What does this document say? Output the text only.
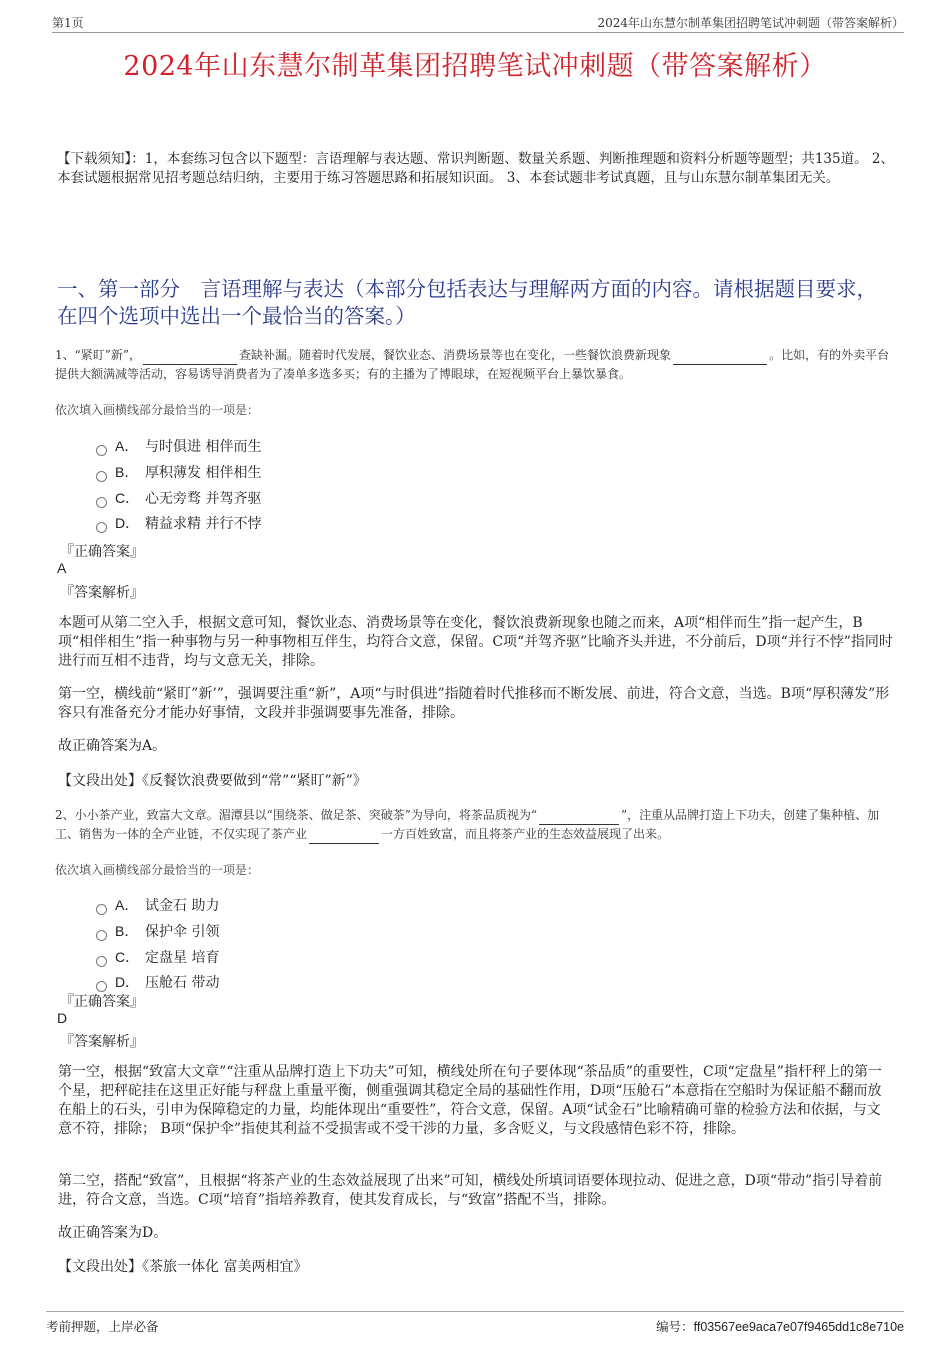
第1页	2024年山东慧尔制革集团招聘笔试冲刺题（带答案解析）
2024年山东慧尔制革集团招聘笔试冲刺题（带答案解析）
【下载须知】：1，本套练习包含以下题型：言语理解与表达题、常识判断题、数量关系题、判断推理题和资料分析题等题型；共135道。 2、本套试题根据常见招考题总结归纳，主要用于练习答题思路和拓展知识面。 3、本套试题非考试真题，且与山东慧尔制革集团无关。
一、第一部分　言语理解与表达（本部分包括表达与理解两方面的内容。请根据题目要求，在四个选项中选出一个最恰当的答案。）
1、“紧盯”新”，	查缺补漏。随着时代发展，餐饮业态、消费场景等也在变化，一些餐饮浪费新现象	。比如，有的外卖平台提供大额满减等活动，容易诱导消费者为了凑单多选多买；有的主播为了博眼球，在短视频平台上暴饮暴食。
依次填入画横线部分最恰当的一项是：
A． 与时俱进 相伴而生
B． 厚积薄发 相伴相生
C． 心无旁骛 并驾齐驱
D． 精益求精 并行不悖
『正确答案』
A
『答案解析』
本题可从第二空入手，根据文意可知，餐饮业态、消费场景等在变化，餐饮浪费新现象也随之而来，A项“相伴而生”指一起产生，B项“相伴相生”指一种事物与另一种事物相互伴生，均符合文意，保留。C项“并驾齐驱”比喻齐头并进，不分前后，D项“并行不悖”指同时进行而互相不违背，均与文意无关，排除。
第一空，横线前“紧盯”新’”，强调要注重“新”，A项“与时俱进”指随着时代推移而不断发展、前进，符合文意，当选。B项“厚积薄发”形容只有准备充分才能办好事情，文段并非强调要事先准备，排除。
故正确答案为A。
【文段出处】《反餐饮浪费要做到“常”“紧盯”新”》
2、小小茶产业，致富大文章。湄潭县以“围绕茶、做足茶、突破茶”为导向，将茶品质视为“	”，注重从品牌打造上下功夫，创建了集种植、加工、销售为一体的全产业链，不仅实现了茶产业	一方百姓致富，而且将茶产业的生态效益展现了出来。
依次填入画横线部分最恰当的一项是：
A． 试金石 助力
B． 保护伞 引领
C． 定盘星 培育
D． 压舱石 带动
『正确答案』
D
『答案解析』
第一空，根据“致富大文章”“注重从品牌打造上下功夫”可知，横线处所在句子要体现“茶品质”的重要性，C项“定盘星”指杆秤上的第一个星，把秤砣挂在这里正好能与秤盘上重量平衡，侧重强调其稳定全局的基础性作用，D项“压舱石”本意指在空船时为保证船不翻而放在船上的石头，引申为保障稳定的力量，均能体现出“重要性”，符合文意，保留。A项“试金石”比喻精确可靠的检验方法和依据，与文意不符，排除； B项“保护伞”指使其利益不受损害或不受干涉的力量，多含贬义，与文段感情色彩不符，排除。
第二空，搭配“致富”，且根据“将茶产业的生态效益展现了出来”可知，横线处所填词语要体现拉动、促进之意，D项“带动”指引导着前进，符合文意，当选。C项“培育”指培养教育，使其发育成长，与“致富”搭配不当，排除。
故正确答案为D。
【文段出处】《茶旅一体化 富美两相宜》
考前押题，上岸必备	编号：ff03567ee9aca7e07f9465dd1c8e710e
